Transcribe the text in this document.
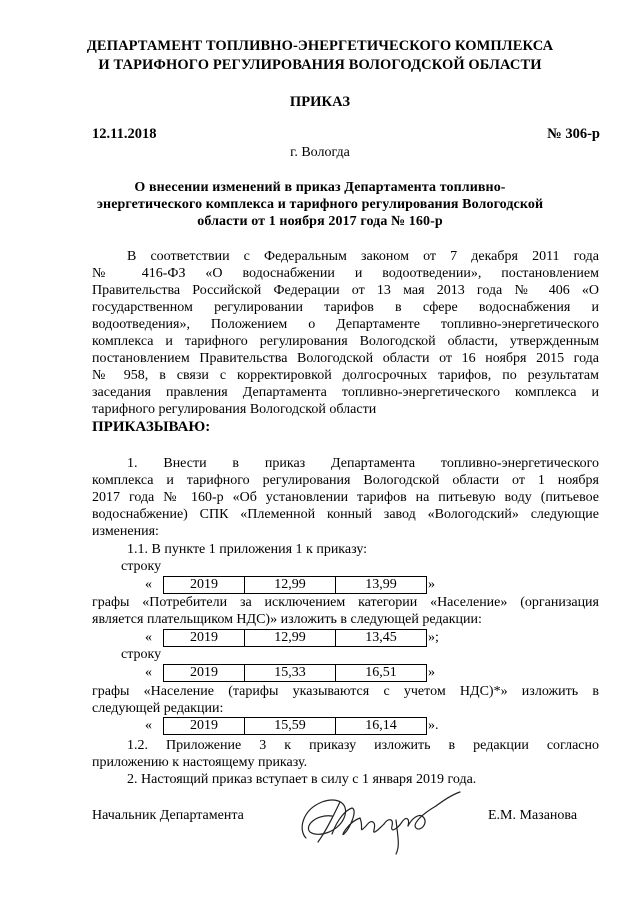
ДЕПАРТАМЕНТ ТОПЛИВНО-ЭНЕРГЕТИЧЕСКОГО КОМПЛЕКСА
И ТАРИФНОГО РЕГУЛИРОВАНИЯ ВОЛОГОДСКОЙ ОБЛАСТИ
ПРИКАЗ
12.11.2018	№ 306-р
г. Вологда
О внесении изменений в приказ Департамента топливно-
энергетического комплекса и тарифного регулирования Вологодской
области от 1 ноября 2017 года № 160-р
В соответствии с Федеральным законом от 7 декабря 2011 года
№ 416-ФЗ «О водоснабжении и водоотведении», постановлением
Правительства Российской Федерации от 13 мая 2013 года № 406 «О
государственном регулировании тарифов в сфере водоснабжения и
водоотведения», Положением о Департаменте топливно-энергетического
комплекса и тарифного регулирования Вологодской области, утвержденным
постановлением Правительства Вологодской области от 16 ноября 2015 года
№ 958, в связи с корректировкой долгосрочных тарифов, по результатам
заседания правления Департамента топливно-энергетического комплекса и
тарифного регулирования Вологодской области
ПРИКАЗЫВАЮ:
1. Внести в приказ Департамента топливно-энергетического
комплекса и тарифного регулирования Вологодской области от 1 ноября
2017 года № 160-р «Об установлении тарифов на питьевую воду (питьевое
водоснабжение) СПК «Племенной конный завод «Вологодский» следующие
изменения:
1.1. В пункте 1 приложения 1 к приказу:
строку
«	2019	12,99	13,99 »
графы «Потребители за исключением категории «Население» (организация
является плательщиком НДС)» изложить в следующей редакции:
«	2019	12,99	13,45 »;
строку
«	2019	15,33	16,51 »
графы «Население (тарифы указываются с учетом НДС)*» изложить в
следующей редакции:
«	2019	15,59	16,14 ».
1.2. Приложение 3 к приказу изложить в редакции согласно
приложению к настоящему приказу.
2. Настоящий приказ вступает в силу с 1 января 2019 года.
Начальник Департамента	Е.М. Мазанова
